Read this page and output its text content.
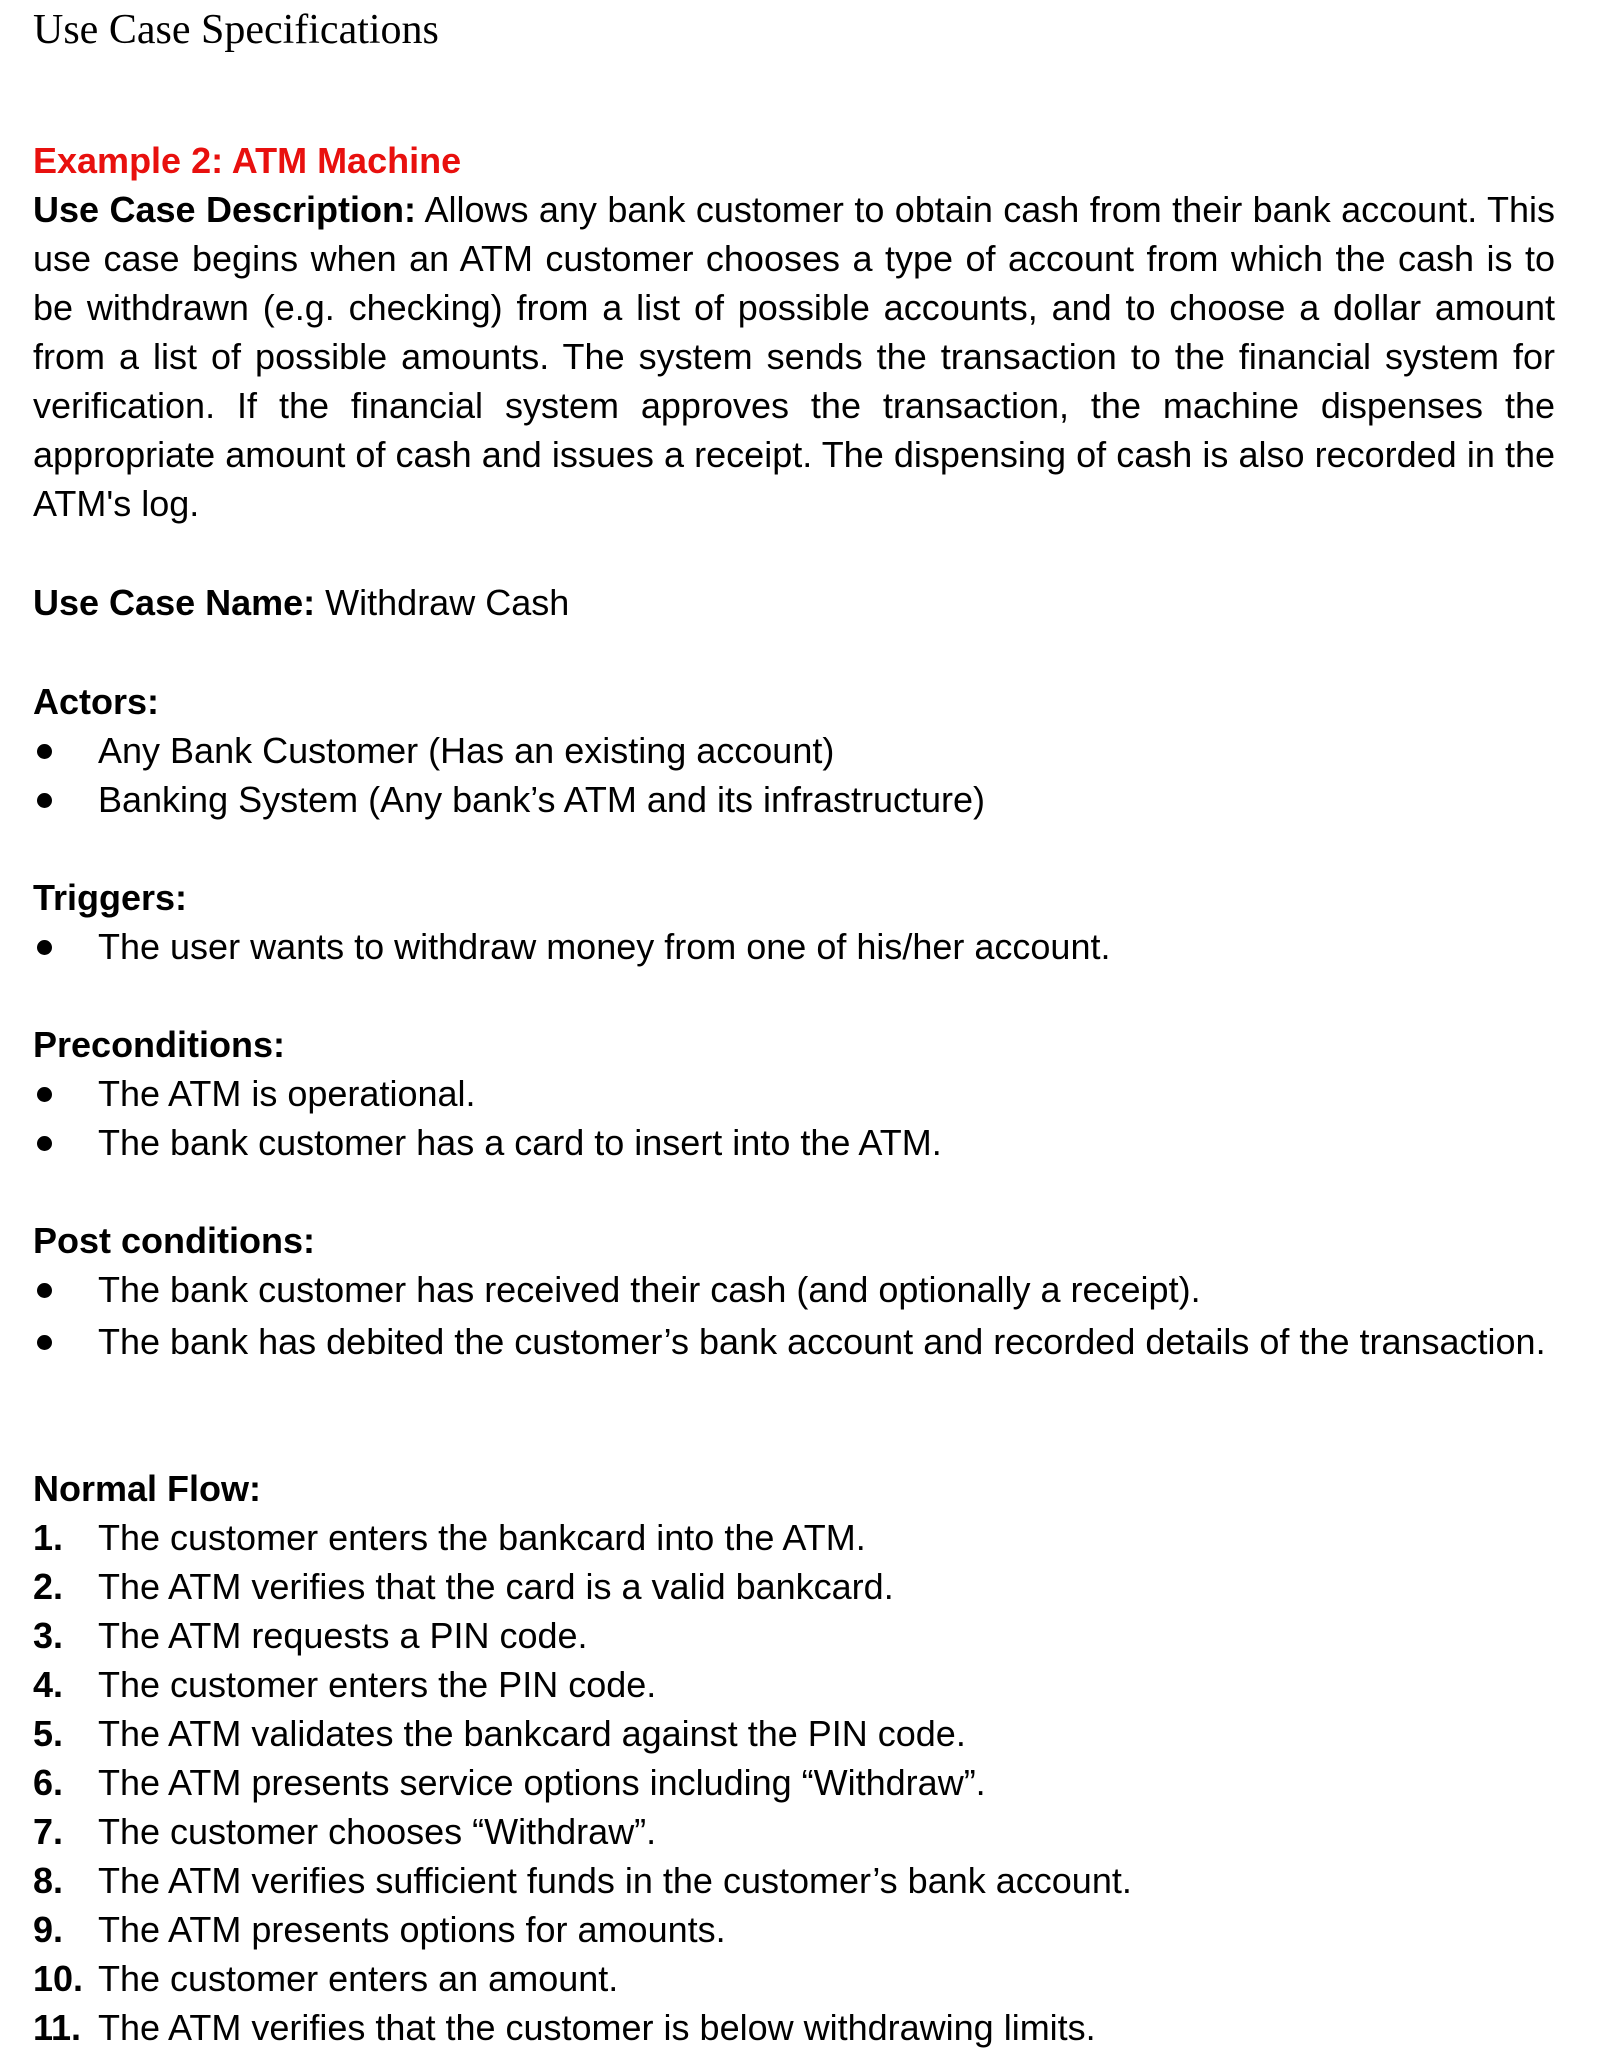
Use Case Specifications
Example 2: ATM Machine
Use Case Description: Allows any bank customer to obtain cash from their bank account. This use case begins when an ATM customer chooses a type of account from which the cash is to be withdrawn (e.g. checking) from a list of possible accounts, and to choose a dollar amount from a list of possible amounts. The system sends the transaction to the financial system for verification. If the financial system approves the transaction, the machine dispenses the appropriate amount of cash and issues a receipt. The dispensing of cash is also recorded in the ATM's log.
Use Case Name: Withdraw Cash
Actors:
Any Bank Customer (Has an existing account)
Banking System (Any bank’s ATM and its infrastructure)
Triggers:
The user wants to withdraw money from one of his/her account.
Preconditions:
The ATM is operational.
The bank customer has a card to insert into the ATM.
Post conditions:
The bank customer has received their cash (and optionally a receipt).
The bank has debited the customer’s bank account and recorded details of the transaction.
Normal Flow:
1. The customer enters the bankcard into the ATM.
2. The ATM verifies that the card is a valid bankcard.
3. The ATM requests a PIN code.
4. The customer enters the PIN code.
5. The ATM validates the bankcard against the PIN code.
6. The ATM presents service options including “Withdraw”.
7. The customer chooses “Withdraw”.
8. The ATM verifies sufficient funds in the customer’s bank account.
9. The ATM presents options for amounts.
10. The customer enters an amount.
11. The ATM verifies that the customer is below withdrawing limits.
